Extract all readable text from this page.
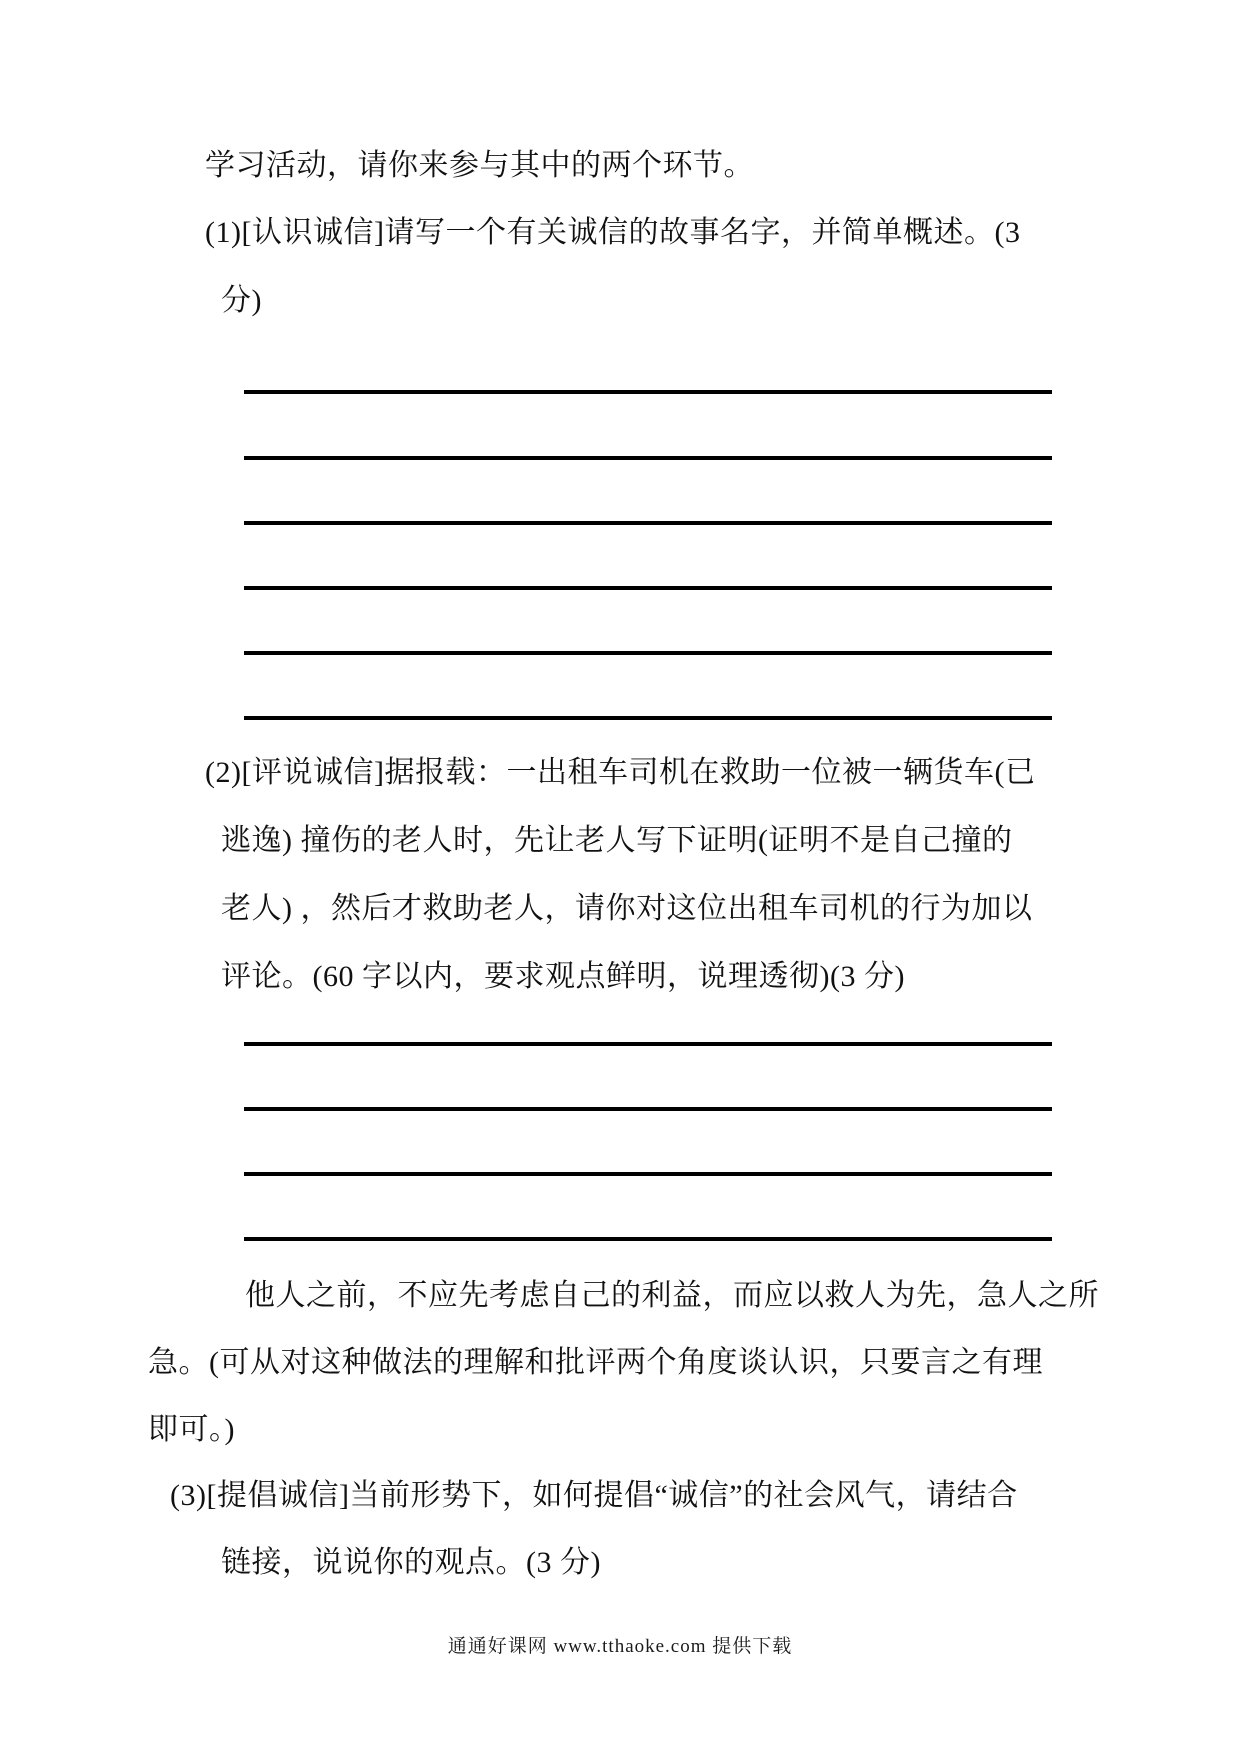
学习活动，请你来参与其中的两个环节。
(1)[认识诚信]请写一个有关诚信的故事名字，并简单概述。(3
分)
(2)[评说诚信]据报载：一出租车司机在救助一位被一辆货车(已
逃逸) 撞伤的老人时，先让老人写下证明(证明不是自己撞的
老人) ，然后才救助老人，请你对这位出租车司机的行为加以
评论。(60 字以内，要求观点鲜明，说理透彻)(3 分)
他人之前，不应先考虑自己的利益，而应以救人为先，急人之所
急。(可从对这种做法的理解和批评两个角度谈认识，只要言之有理
即可。)
(3)[提倡诚信]当前形势下，如何提倡“诚信”的社会风气，请结合
链接，说说你的观点。(3 分)
通通好课网 www.tthaoke.com 提供下载
